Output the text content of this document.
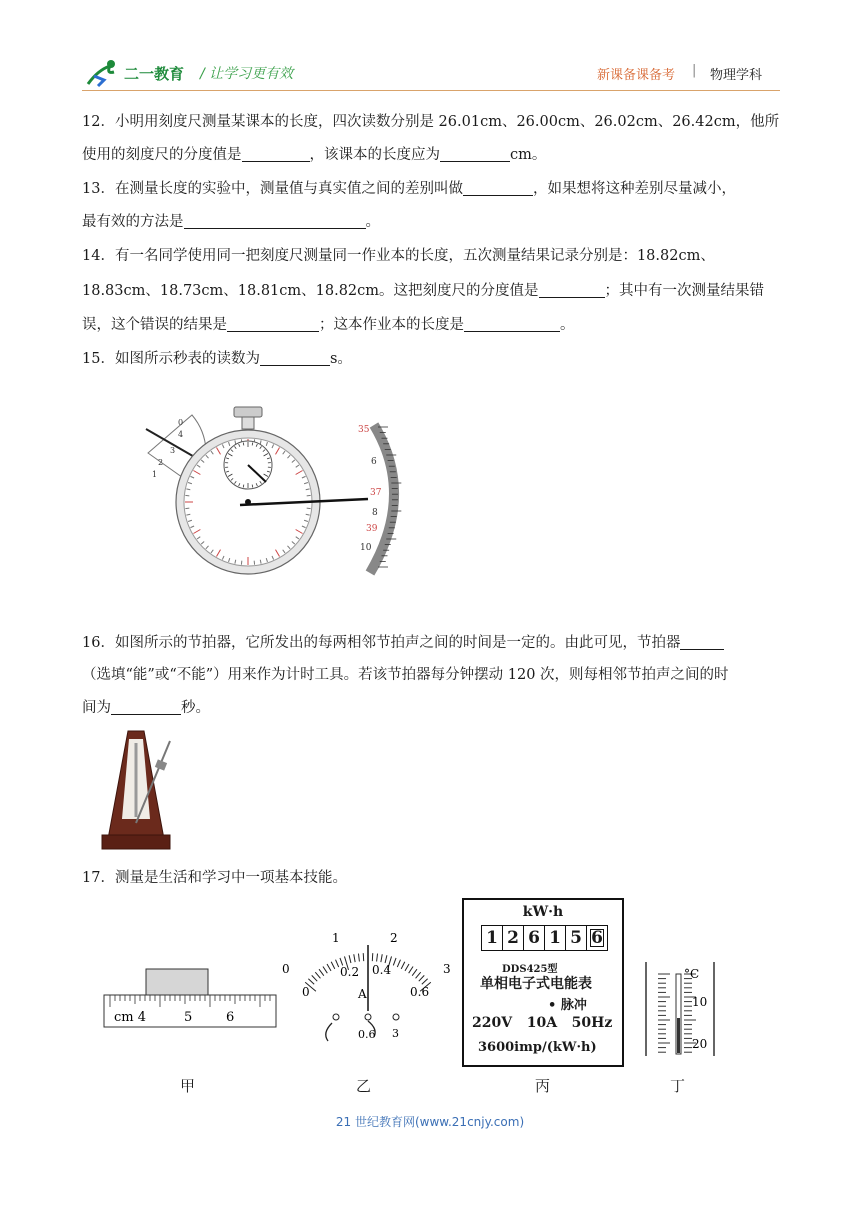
二一教育 / 让学习更有效	新课备课备考 | 物理学科
12．小明用刻度尺测量某课本的长度，四次读数分别是 26.01cm、26.00cm、26.02cm、26.42cm，他所
使用的刻度尺的分度值是	，该课本的长度应为	cm。
13．在测量长度的实验中，测量值与真实值之间的差别叫做	，如果想将这种差别尽量减小，
最有效的方法是	。
14．有一名同学使用同一把刻度尺测量同一作业本的长度，五次测量结果记录分别是：18.82cm、
18.83cm、18.73cm、18.81cm、18.82cm。这把刻度尺的分度值是	；其中有一次测量结果错
误，这个错误的结果是	；这本作业本的长度是	。
15．如图所示秒表的读数为	s。
0
4
3
2
1
35
6
37
8
39
10
16．如图所示的节拍器，它所发出的每两相邻节拍声之间的时间是一定的。由此可见，节拍器
（选填“能”或“不能”）用来作为计时工具。若该节拍器每分钟摆动 120 次，则每相邻节拍声之间的时
间为	秒。
17．测量是生活和学习中一项基本技能。
cm 4	5	6
0
1	2
3
0.2 0.4
0	0.6
A
0.6 3
kW·h
1 2 6 1 5 6
DDS425型
单相电子式电能表
• 脉冲
220V   10A   50Hz
3600imp/(kW·h)
°C
10
20
甲	乙	丙	丁
21 世纪教育网(www.21cnjy.com)
